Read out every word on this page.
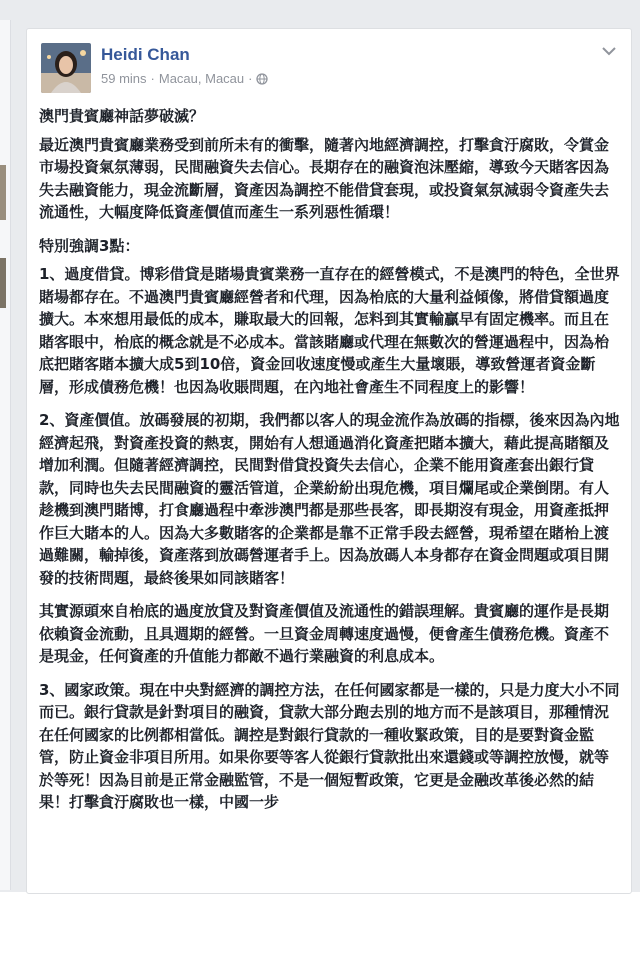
Heidi Chan
59 mins · Macau, Macau ·

澳門貴賓廳神話夢破滅？

最近澳門貴賓廳業務受到前所未有的衝擊，隨著內地經濟調控，打擊貪汙腐敗，令賞金市場投資氣氛薄弱，民間融資失去信心。長期存在的融資泡沫壓縮，導致今天賭客因為失去融資能力，現金流斷層，資產因為調控不能借貸套現，或投資氣氛減弱令資產失去流通性，大幅度降低資產價值而產生一系列惡性循環！

特別強調3點：

1、過度借貸。博彩借貸是賭場貴賓業務一直存在的經營模式，不是澳門的特色，全世界賭場都存在。不過澳門貴賓廳經營者和代理，因為枱底的大量利益傾像，將借貸額過度擴大。本來想用最低的成本，賺取最大的回報，怎料到其實輸贏早有固定機率。而且在賭客眼中，枱底的概念就是不必成本。當該賭廳或代理在無數次的營運過程中，因為枱底把賭客賭本擴大成5到10倍，資金回收速度慢或產生大量壞賬，導致營運者資金斷層，形成債務危機！也因為收賬問題，在內地社會產生不同程度上的影響！

2、資產價值。放碼發展的初期，我們都以客人的現金流作為放碼的指標，後來因為內地經濟起飛，對資產投資的熱衷，開始有人想通過消化資產把賭本擴大，藉此提高賭額及增加利潤。但隨著經濟調控，民間對借貸投資失去信心，企業不能用資產套出銀行貸款，同時也失去民間融資的靈活管道，企業紛紛出現危機，項目爛尾或企業倒閉。有人趁機到澳門賭博，打食廳過程中牽涉澳門都是那些長客，即長期沒有現金，用資產抵押作巨大賭本的人。因為大多數賭客的企業都是靠不正常手段去經營，現希望在賭枱上渡過難關，輸掉後，資產落到放碼營運者手上。因為放碼人本身都存在資金問題或項目開發的技術問題，最終後果如同該賭客！

其實源頭來自枱底的過度放貸及對資產價值及流通性的錯誤理解。貴賓廳的運作是長期依賴資金流動，且具週期的經營。一旦資金周轉速度過慢，便會產生債務危機。資產不是現金，任何資產的升值能力都敵不過行業融資的利息成本。

3、國家政策。現在中央對經濟的調控方法，在任何國家都是一樣的，只是力度大小不同而已。銀行貸款是針對項目的融資，貸款大部分跑去別的地方而不是該項目，那種情況在任何國家的比例都相當低。調控是對銀行貸款的一種收緊政策，目的是要對資金監管，防止資金非項目所用。如果你要等客人從銀行貸款批出來還錢或等調控放慢，就等於等死！因為目前是正常金融監管，不是一個短暫政策，它更是金融改革後必然的結果！打擊貪汙腐敗也一樣，中國一步
